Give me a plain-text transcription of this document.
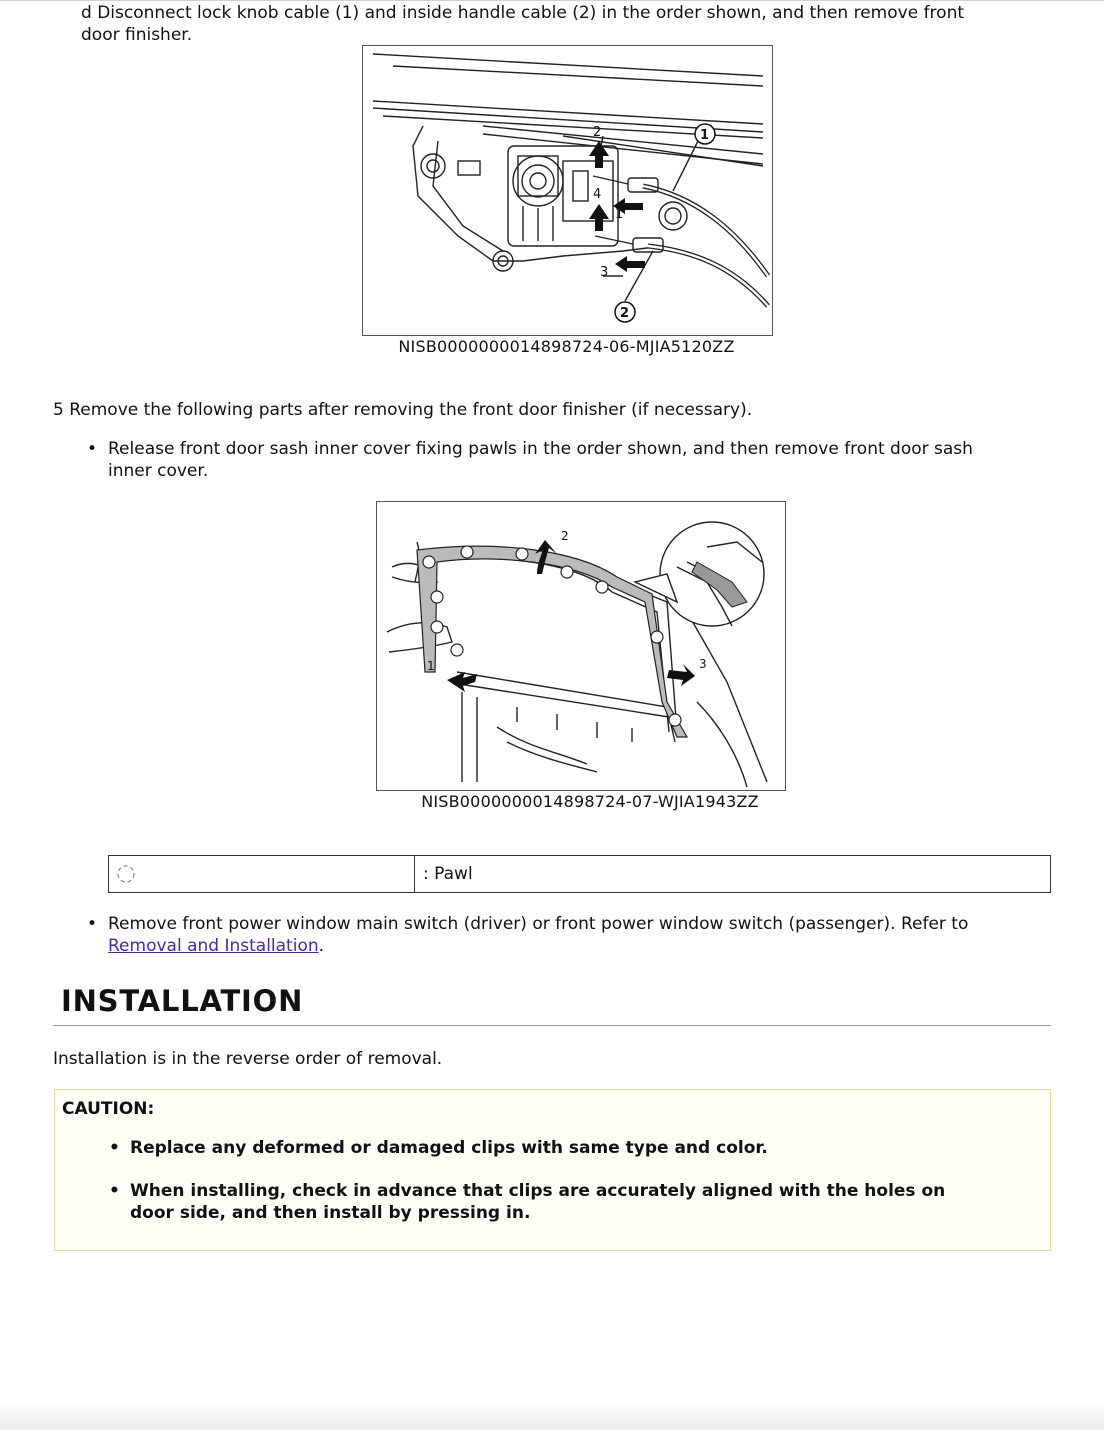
d Disconnect lock knob cable (1) and inside handle cable (2) in the order shown, and then remove front
door finisher.
2
4
1
3
1
2
NISB0000000014898724-06-MJIA5120ZZ
5 Remove the following parts after removing the front door finisher (if necessary).
• Release front door sash inner cover fixing pawls in the order shown, and then remove front door sash
inner cover.
1
2
3
NISB0000000014898724-07-WJIA1943ZZ
: Pawl
• Remove front power window main switch (driver) or front power window switch (passenger). Refer to
Removal and Installation.
INSTALLATION
Installation is in the reverse order of removal.
CAUTION:
• Replace any deformed or damaged clips with same type and color.
• When installing, check in advance that clips are accurately aligned with the holes on
door side, and then install by pressing in.
